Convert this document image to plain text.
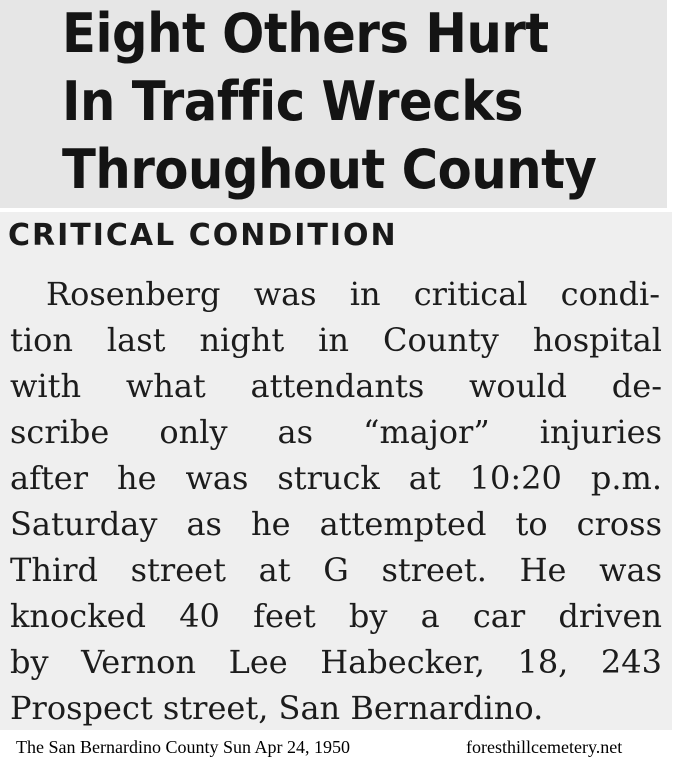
Eight Others Hurt
In Traffic Wrecks
Throughout County
CRITICAL CONDITION

Rosenberg was in critical condi-

tion last night in County hospital

with what attendants would de-

scribe only as “major” injuries

after he was struck at 10:20 p.m.

Saturday as he attempted to cross

Third street at G street. He was

knocked 40 feet by a car driven

by Vernon Lee Habecker, 18, 243

Prospect street, San Bernardino.

The San Bernardino County Sun Apr 24, 1950	foresthillcemetery.net
